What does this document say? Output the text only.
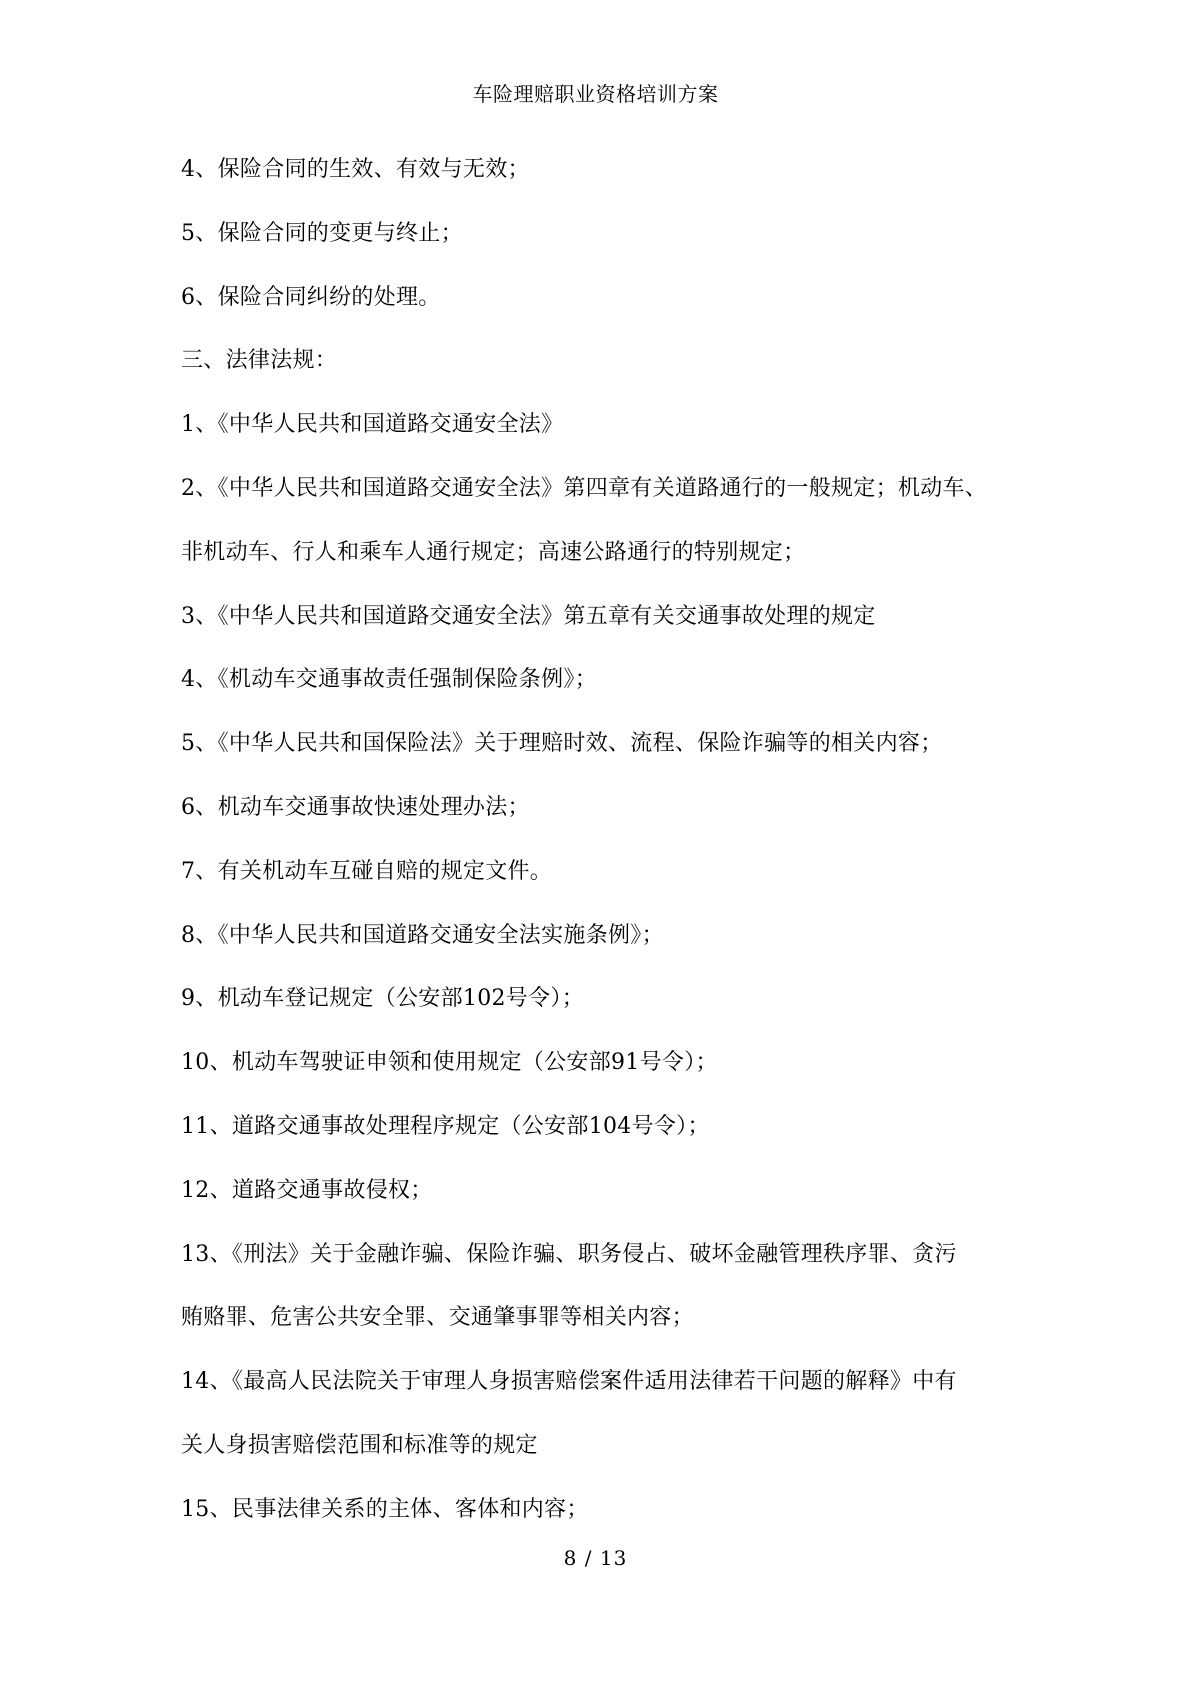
车险理赔职业资格培训方案
4、保险合同的生效、有效与无效；
5、保险合同的变更与终止；
6、保险合同纠纷的处理。
三、法律法规：
1、《中华人民共和国道路交通安全法》
2、《中华人民共和国道路交通安全法》第四章有关道路通行的一般规定；机动车、
非机动车、行人和乘车人通行规定；高速公路通行的特别规定；
3、《中华人民共和国道路交通安全法》第五章有关交通事故处理的规定
4、《机动车交通事故责任强制保险条例》；
5、《中华人民共和国保险法》关于理赔时效、流程、保险诈骗等的相关内容；
6、机动车交通事故快速处理办法；
7、有关机动车互碰自赔的规定文件。
8、《中华人民共和国道路交通安全法实施条例》；
9、机动车登记规定（公安部102号令）；
10、机动车驾驶证申领和使用规定（公安部91号令）；
11、道路交通事故处理程序规定（公安部104号令）；
12、道路交通事故侵权；
13、《刑法》关于金融诈骗、保险诈骗、职务侵占、破坏金融管理秩序罪、贪污
贿赂罪、危害公共安全罪、交通肇事罪等相关内容；
14、《最高人民法院关于审理人身损害赔偿案件适用法律若干问题的解释》中有
关人身损害赔偿范围和标准等的规定
15、民事法律关系的主体、客体和内容；
8 / 13
